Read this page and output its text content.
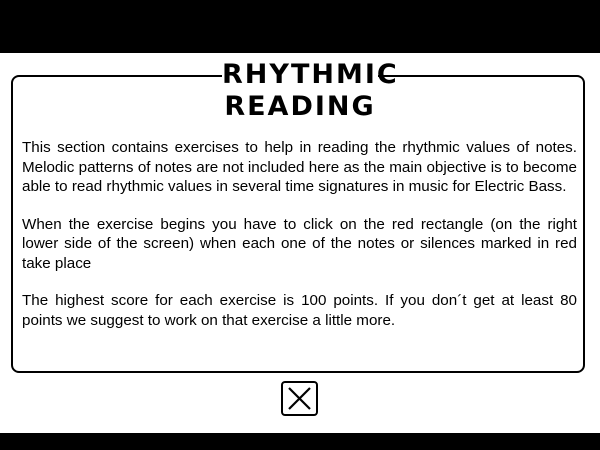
RHYTHMIC
READING

This section contains exercises to help in reading the rhythmic values of notes. Melodic patterns of notes are not included here as the main objective is to become able to read rhythmic values in several time signatures in music for Electric Bass.

When the exercise begins you have to click on the red rectangle (on the right lower side of the screen) when each one of the notes or silences marked in red take place

The highest score for each exercise is 100 points. If you don´t get at least 80 points we suggest to work on that exercise a little more.
